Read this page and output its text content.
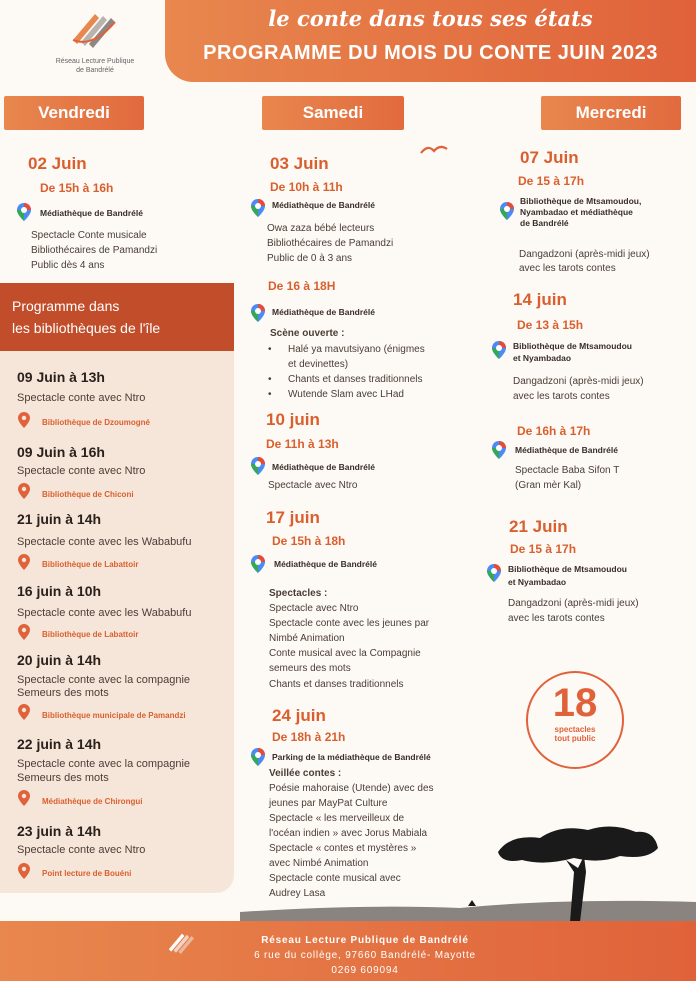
Réseau Lecture Publique
de Bandrélé
le conte dans tous ses états
PROGRAMME DU MOIS DU CONTE JUIN 2023
Vendredi	Samedi	Mercredi
02 Juin
De 15h à 16h
Médiathèque de Bandrélé
Spectacle Conte musicale
Bibliothécaires de Pamandzi
Public dès 4 ans
Programme dans
les bibliothèques de l'île
09 Juin à 13h
Spectacle conte avec Ntro
Bibliothèque de Dzoumogné
09 Juin à 16h
Spectacle conte avec Ntro
Bibliothèque de Chiconi
21 juin à 14h
Spectacle conte avec les Wababufu
Bibliothèque de Labattoir
16 juin à 10h
Spectacle conte avec les Wababufu
Bibliothèque de Labattoir
20 juin à 14h
Spectacle conte avec la compagnie
Semeurs des mots
Bibliothèque municipale de Pamandzi
22 juin à 14h
Spectacle conte avec la compagnie
Semeurs des mots
Médiathèque de Chirongui
23 juin à 14h
Spectacle conte avec Ntro
Point lecture de Bouéni
03 Juin
De 10h à 11h
Médiathèque de Bandrélé
Owa zaza bébé lecteurs
Bibliothécaires de Pamandzi
Public de 0 à 3 ans
De 16 à 18H
Médiathèque de Bandrélé
Scène ouverte :
• Halé ya mavutsiyano (énigmes
et devinettes)
• Chants et danses traditionnels
• Wutende Slam avec LHad
10 juin
De 11h à 13h
Médiathèque de Bandrélé
Spectacle avec Ntro
17 juin
De 15h à 18h
Médiathèque de Bandrélé
Spectacles :
Spectacle avec Ntro
Spectacle conte avec les jeunes par
Nimbé Animation
Conte musical avec la Compagnie
semeurs des mots
Chants et danses traditionnels
24 juin
De 18h à 21h
Parking de la médiathèque de Bandrélé
Veillée contes :
Poésie mahoraise (Utende) avec des
jeunes par MayPat Culture
Spectacle « les merveilleux de
l'océan indien » avec Jorus Mabiala
Spectacle « contes et mystères »
avec Nimbé Animation
Spectacle conte musical avec
Audrey Lasa
07 Juin
De 15 à 17h
Bibliothèque de Mtsamoudou,
Nyambadao et médiathèque
de Bandrélé
Dangadzoni (après-midi jeux)
avec les tarots contes
14 juin
De 13 à 15h
Bibliothèque de Mtsamoudou
et Nyambadao
Dangadzoni (après-midi jeux)
avec les tarots contes
De 16h à 17h
Médiathèque de Bandrélé
Spectacle Baba Sifon T
(Gran mèr Kal)
21 Juin
De 15 à 17h
Bibliothèque de Mtsamoudou
et Nyambadao
Dangadzoni (après-midi jeux)
avec les tarots contes
18
spectacles
tout public
Réseau Lecture Publique de Bandrélé
6 rue du collège, 97660 Bandrélé- Mayotte
0269 609094
